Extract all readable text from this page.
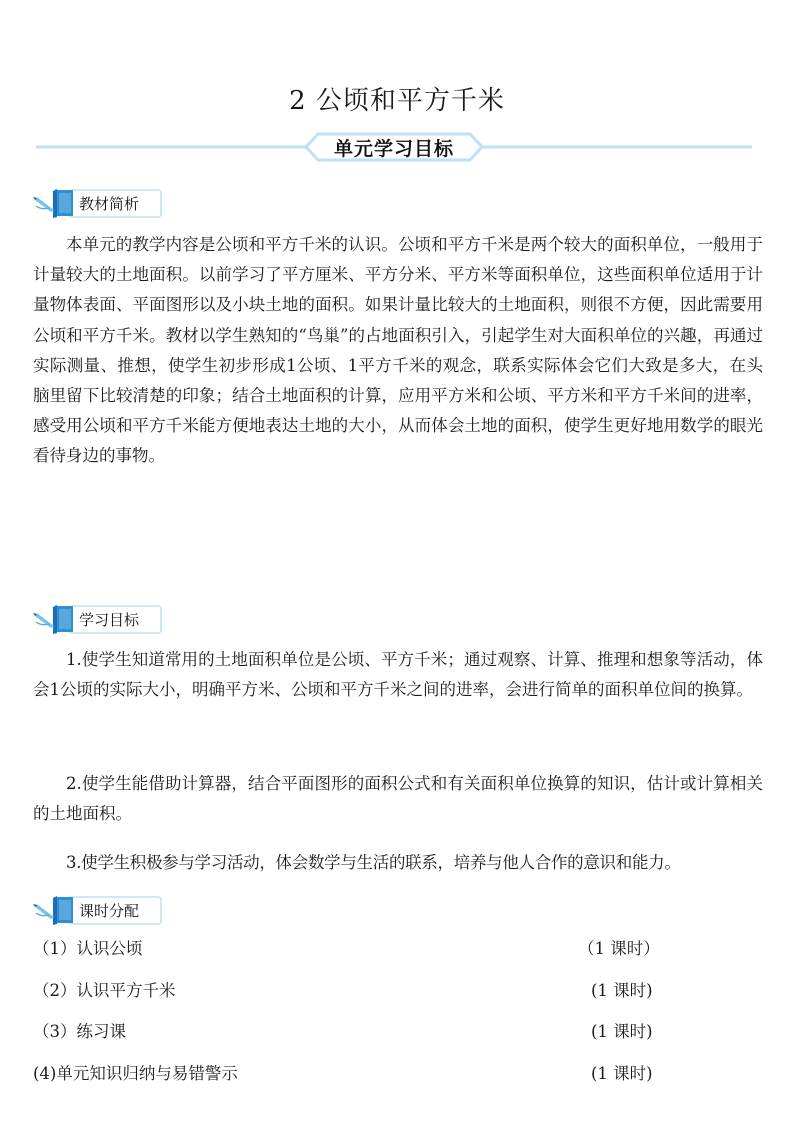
2 公顷和平方千米
单元学习目标
教材简析
本单元的教学内容是公顷和平方千米的认识。公顷和平方千米是两个较大的面积单位，一般用于计量较大的土地面积。以前学习了平方厘米、平方分米、平方米等面积单位，这些面积单位适用于计量物体表面、平面图形以及小块土地的面积。如果计量比较大的土地面积，则很不方便，因此需要用公顷和平方千米。教材以学生熟知的“鸟巢”的占地面积引入，引起学生对大面积单位的兴趣，再通过实际测量、推想，使学生初步形成1公顷、1平方千米的观念，联系实际体会它们大致是多大，在头脑里留下比较清楚的印象；结合土地面积的计算，应用平方米和公顷、平方米和平方千米间的进率，感受用公顷和平方千米能方便地表达土地的大小，从而体会土地的面积，使学生更好地用数学的眼光看待身边的事物。
学习目标
1.使学生知道常用的土地面积单位是公顷、平方千米；通过观察、计算、推理和想象等活动，体会1公顷的实际大小，明确平方米、公顷和平方千米之间的进率，会进行简单的面积单位间的换算。
2.使学生能借助计算器，结合平面图形的面积公式和有关面积单位换算的知识，估计或计算相关的土地面积。
3.使学生积极参与学习活动，体会数学与生活的联系，培养与他人合作的意识和能力。
课时分配
（1）认识公顷	（1 课时）
（2）认识平方千米	(1 课时)
（3）练习课	(1 课时)
(4)单元知识归纳与易错警示	(1 课时)
